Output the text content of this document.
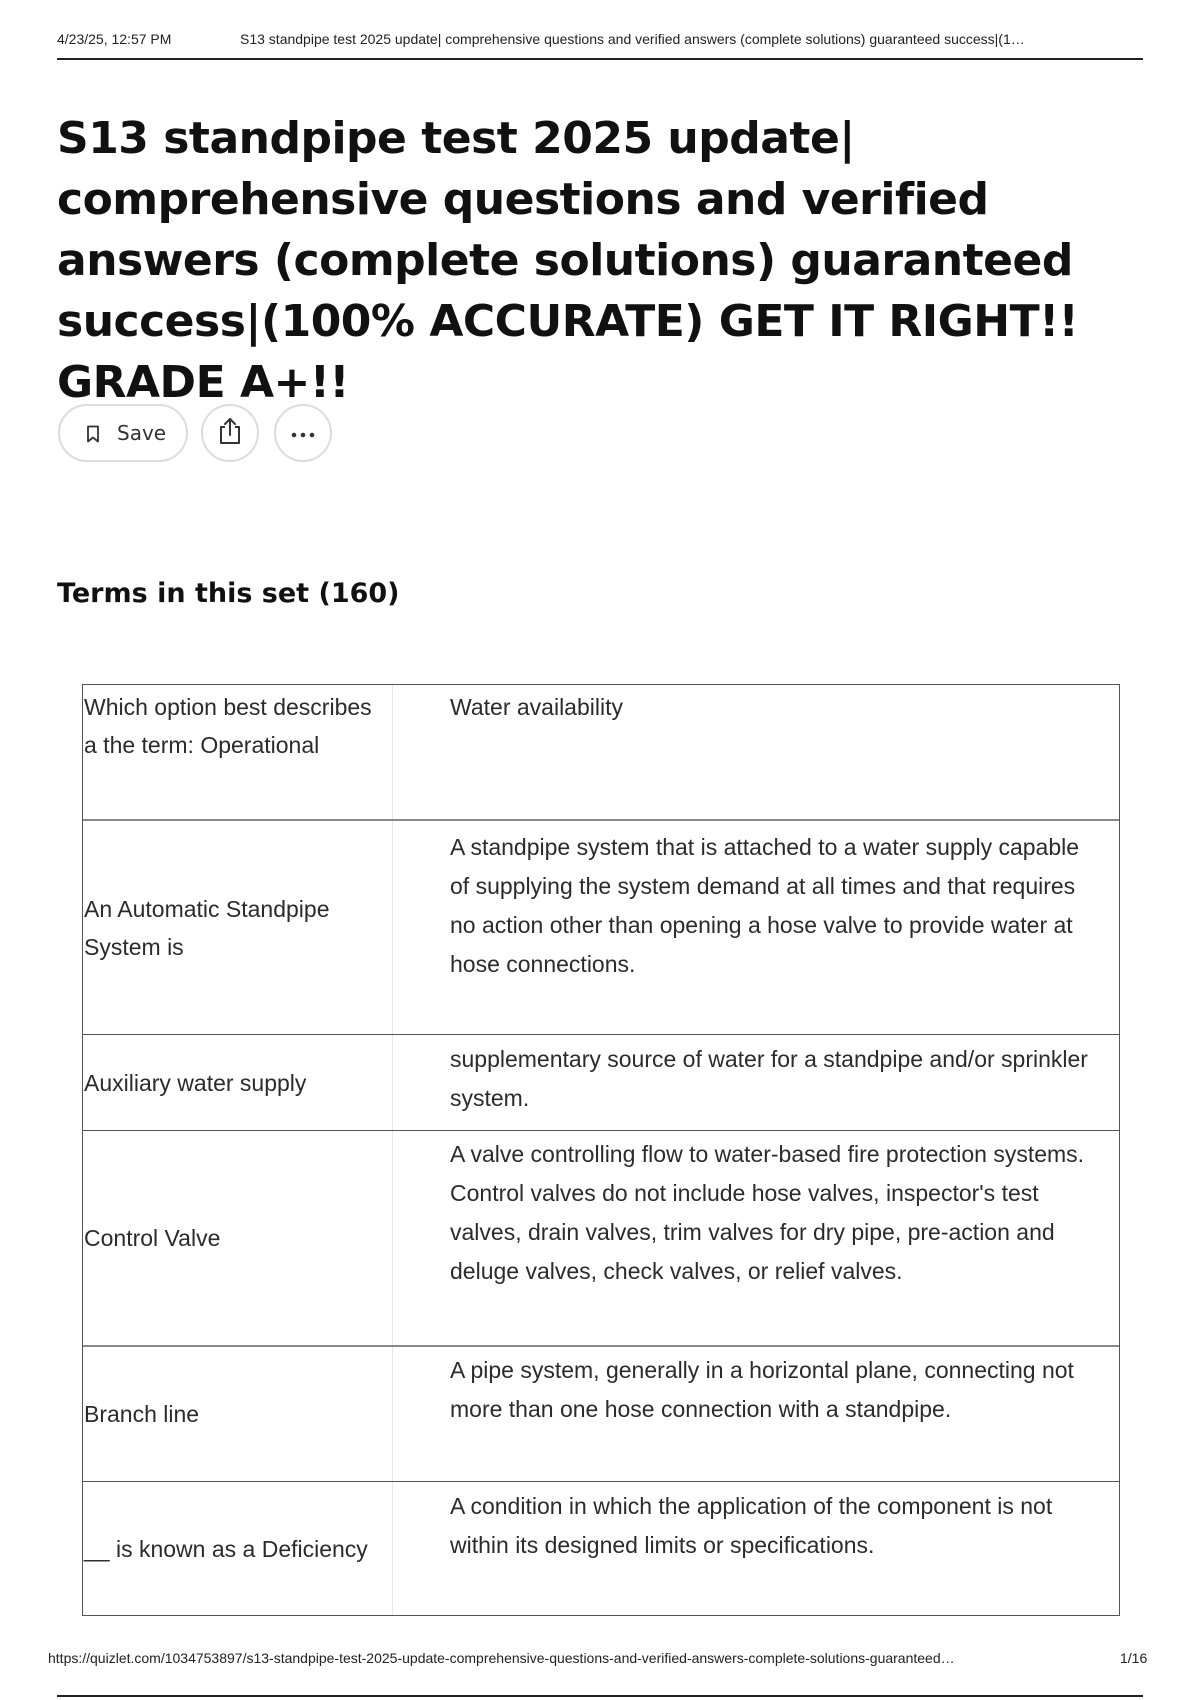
4/23/25, 12:57 PM	S13 standpipe test 2025 update| comprehensive questions and verified answers (complete solutions) guaranteed success|(1…
S13 standpipe test 2025 update| comprehensive questions and verified answers (complete solutions) guaranteed success|(100% ACCURATE) GET IT RIGHT!! GRADE A+!!
Save
Terms in this set (160)
Which option best describes a the term: Operational
Water availability
An Automatic Standpipe System is
A standpipe system that is attached to a water supply capable of supplying the system demand at all times and that requires no action other than opening a hose valve to provide water at hose connections.
Auxiliary water supply
supplementary source of water for a standpipe and/or sprinkler system.
Control Valve
A valve controlling flow to water-based fire protection systems. Control valves do not include hose valves, inspector's test valves, drain valves, trim valves for dry pipe, pre-action and deluge valves, check valves, or relief valves.
Branch line
A pipe system, generally in a horizontal plane, connecting not more than one hose connection with a standpipe.
__ is known as a Deficiency
A condition in which the application of the component is not within its designed limits or specifications.
https://quizlet.com/1034753897/s13-standpipe-test-2025-update-comprehensive-questions-and-verified-answers-complete-solutions-guaranteed…	1/16
